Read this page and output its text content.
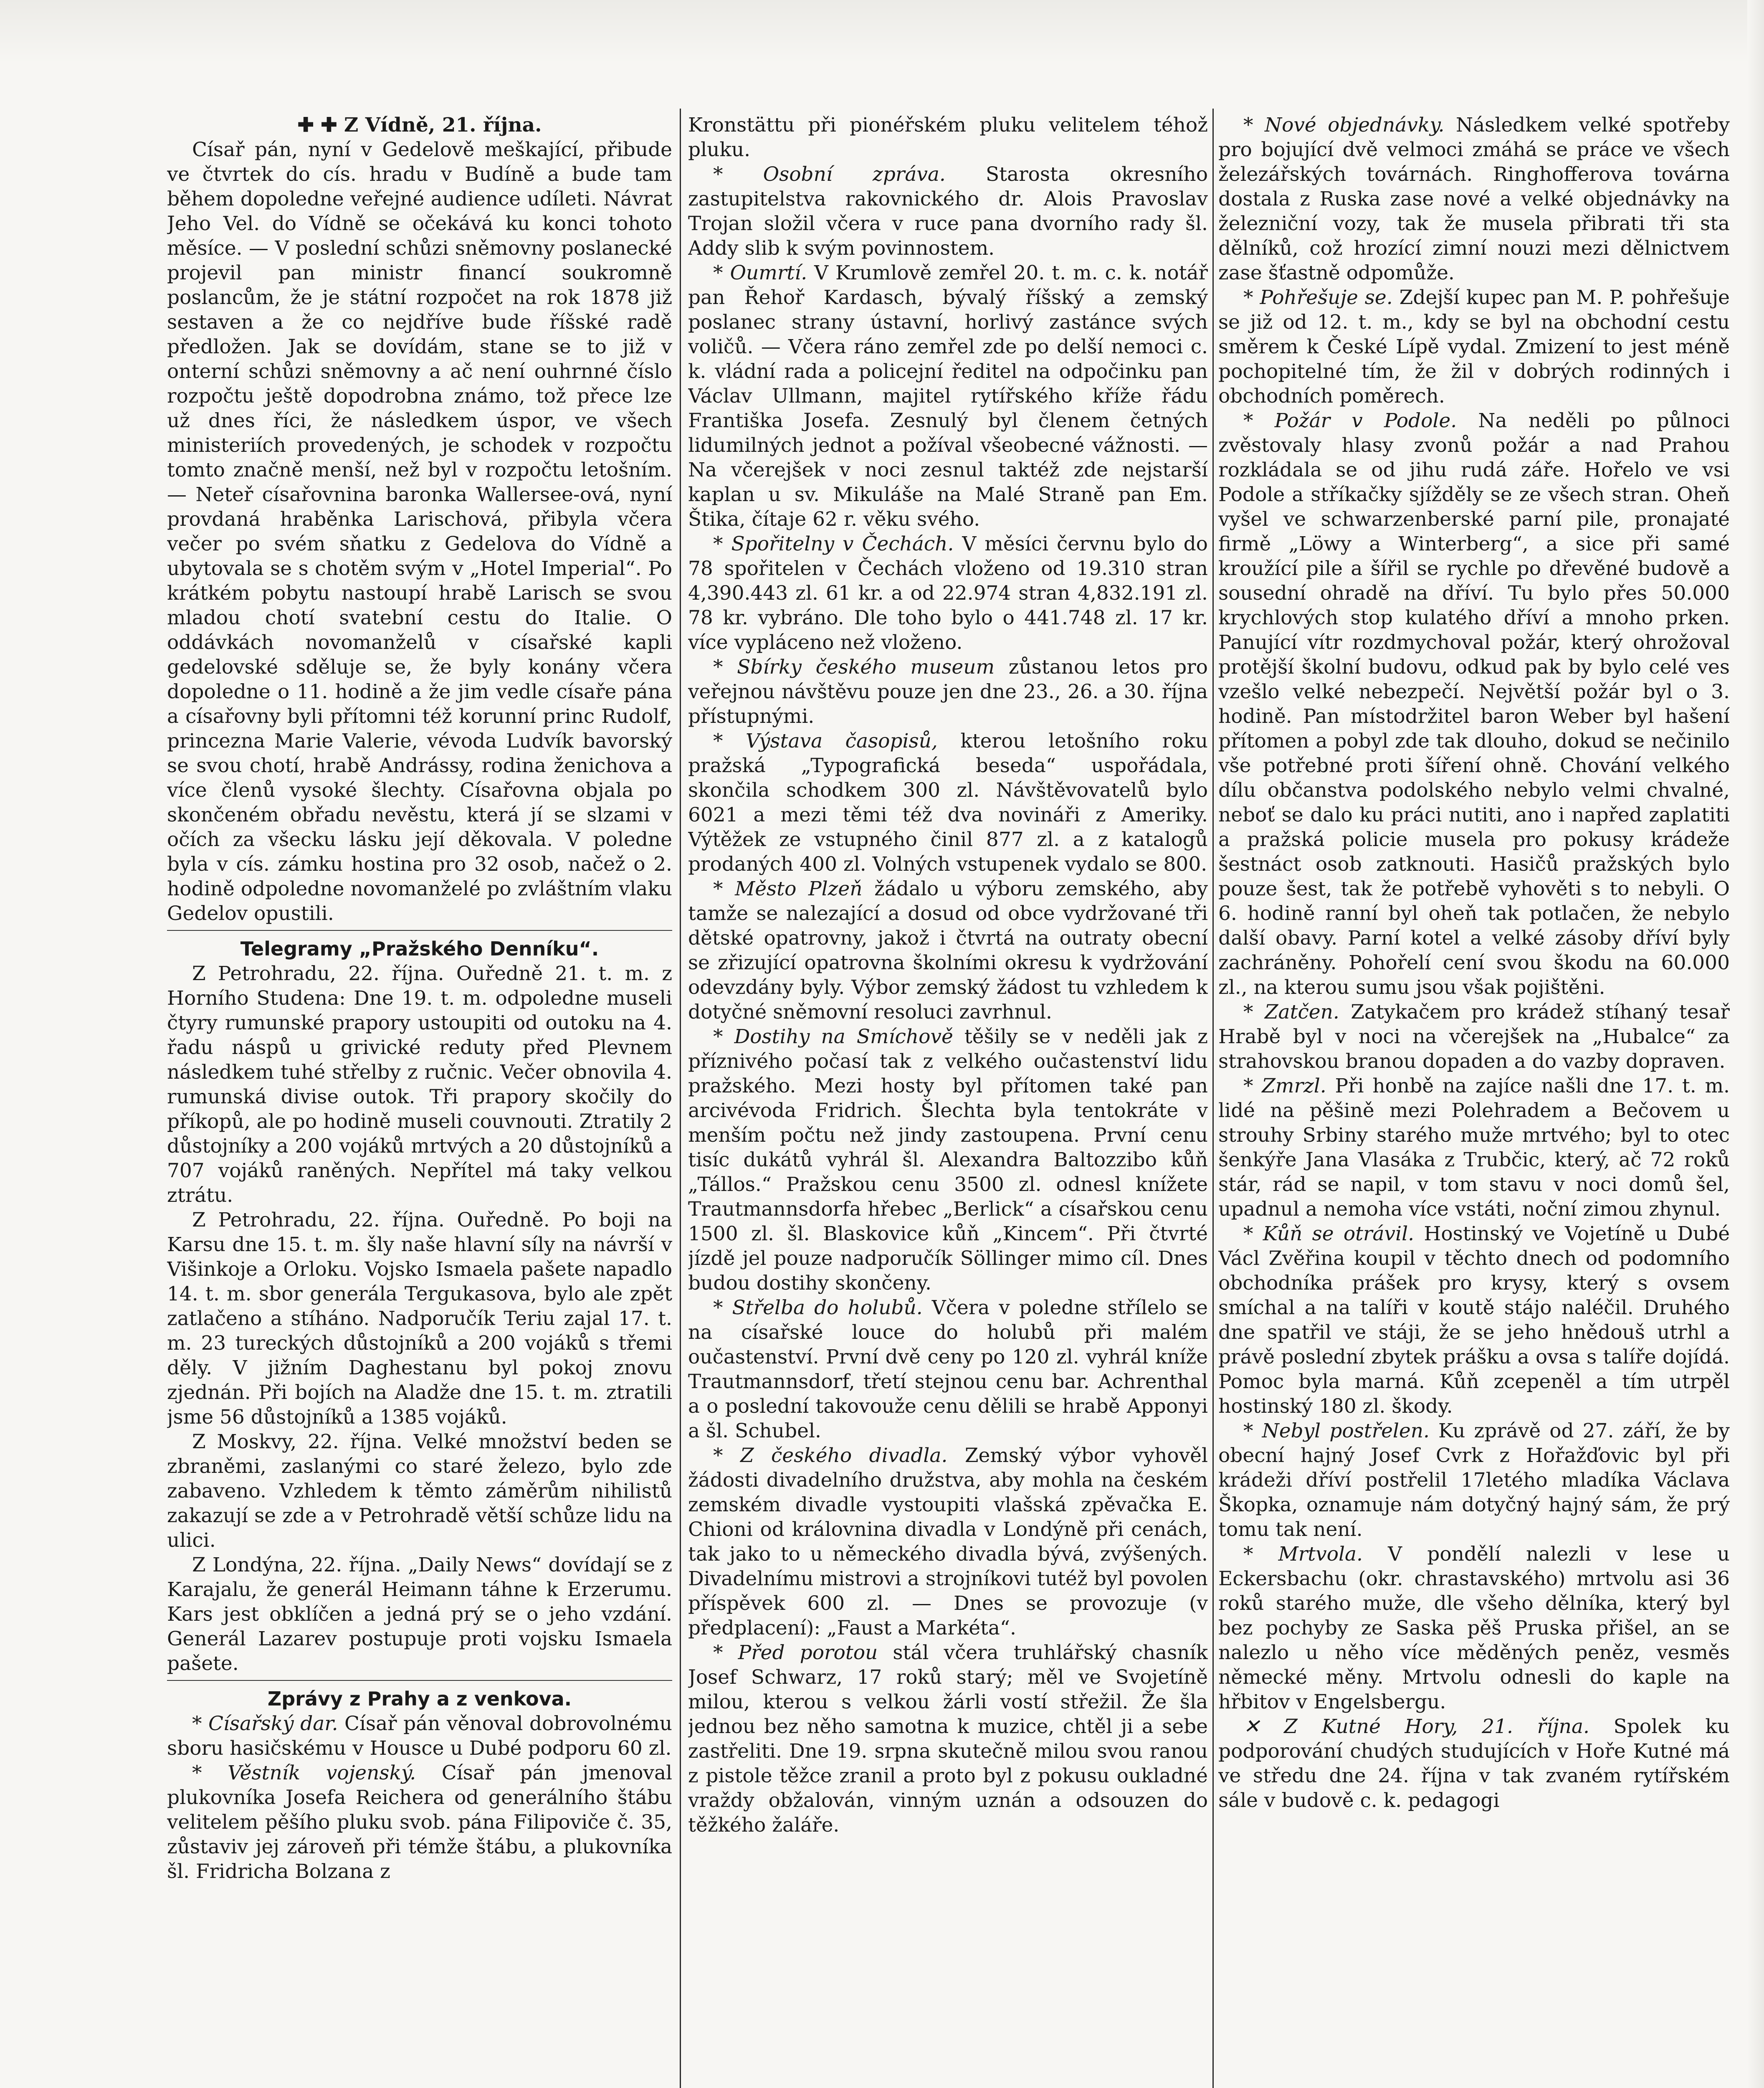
✚ ✚ Z Vídně, 21. října.

Císař pán, nyní v Gedelově meškající, přibude ve čtvrtek do cís. hradu v Budíně a bude tam během dopoledne veřejné audience udíleti. Návrat Jeho Vel. do Vídně se očekává ku konci tohoto měsíce. — V poslední schůzi sněmovny poslanecké projevil pan ministr financí soukromně poslancům, že je státní rozpočet na rok 1878 již sestaven a že co nejdříve bude říšské radě předložen. Jak se dovídám, stane se to již v onterní schůzi sněmovny a ač není ouhrnné číslo rozpočtu ještě dopodrobna známo, tož přece lze už dnes říci, že následkem úspor, ve všech ministeriích provedených, je schodek v rozpočtu tomto značně menší, než byl v rozpočtu letošním. — Neteř císařovnina baronka Wallersee-ová, nyní provdaná hraběnka Larischová, přibyla včera večer po svém sňatku z Gedelova do Vídně a ubytovala se s chotěm svým v „Hotel Imperial“. Po krátkém pobytu nastoupí hrabě Larisch se svou mladou chotí svatební cestu do Italie. O oddávkách novomanželů v císařské kapli gedelovské sděluje se, že byly konány včera dopoledne o 11. hodině a že jim vedle císaře pána a císařovny byli přítomni též korunní princ Rudolf, princezna Marie Valerie, vévoda Ludvík bavorský se svou chotí, hrabě Andrássy, rodina ženichova a více členů vysoké šlechty. Císařovna objala po skončeném obřadu nevěstu, která jí se slzami v očích za všecku lásku její děkovala. V poledne byla v cís. zámku hostina pro 32 osob, načež o 2. hodině odpoledne novomanželé po zvláštním vlaku Gedelov opustili.

Telegramy „Pražského Denníku“.

Z Petrohradu, 22. října. Ouředně 21. t. m. z Horního Studena: Dne 19. t. m. odpoledne museli čtyry rumunské prapory ustoupiti od outoku na 4. řadu náspů u grivické reduty před Plevnem následkem tuhé střelby z ručnic. Večer obnovila 4. rumunská divise outok. Tři prapory skočily do příkopů, ale po hodině museli couvnouti. Ztratily 2 důstojníky a 200 vojáků mrtvých a 20 důstojníků a 707 vojáků raněných. Nepřítel má taky velkou ztrátu.

Z Petrohradu, 22. října. Ouředně. Po boji na Karsu dne 15. t. m. šly naše hlavní síly na návrší v Višinkoje a Orloku. Vojsko Ismaela pašete napadlo 14. t. m. sbor generála Tergukasova, bylo ale zpět zatlačeno a stíháno. Nadporučík Teriu zajal 17. t. m. 23 tureckých důstojníků a 200 vojáků s třemi děly. V jižním Daghestanu byl pokoj znovu zjednán. Při bojích na Aladže dne 15. t. m. ztratili jsme 56 důstojníků a 1385 vojáků.

Z Moskvy, 22. října. Velké množství beden se zbraněmi, zaslanými co staré železo, bylo zde zabaveno. Vzhledem k těmto záměrům nihilistů zakazují se zde a v Petrohradě větší schůze lidu na ulici.

Z Londýna, 22. října. „Daily News“ dovídají se z Karajalu, že generál Heimann táhne k Erzerumu. Kars jest obklíčen a jedná prý se o jeho vzdání. Generál Lazarev postupuje proti vojsku Ismaela pašete.

Zprávy z Prahy a z venkova.

* Císařský dar. Císař pán věnoval dobrovolnému sboru hasičskému v Housce u Dubé podporu 60 zl.

* Věstník vojenský. Císař pán jmenoval plukovníka Josefa Reichera od generálního štábu velitelem pěšího pluku svob. pána Filipoviče č. 35, zůstaviv jej zároveň při témže štábu, a plukovníka šl. Fridricha Bolzana z

Kronstättu při pionéřském pluku velitelem téhož pluku.

* Osobní zpráva. Starosta okresního zastupitelstva rakovnického dr. Alois Pravoslav Trojan složil včera v ruce pana dvorního rady šl. Addy slib k svým povinnostem.

* Oumrtí. V Krumlově zemřel 20. t. m. c. k. notář pan Řehoř Kardasch, bývalý říšský a zemský poslanec strany ústavní, horlivý zastánce svých voličů. — Včera ráno zemřel zde po delší nemoci c. k. vládní rada a policejní ředitel na odpočinku pan Václav Ullmann, majitel rytířského kříže řádu Františka Josefa. Zesnulý byl členem četných lidumilných jednot a požíval všeobecné vážnosti. — Na včerejšek v noci zesnul taktéž zde nejstarší kaplan u sv. Mikuláše na Malé Straně pan Em. Štika, čítaje 62 r. věku svého.

* Spořitelny v Čechách. V měsíci červnu bylo do 78 spořitelen v Čechách vloženo od 19.310 stran 4,390.443 zl. 61 kr. a od 22.974 stran 4,832.191 zl. 78 kr. vybráno. Dle toho bylo o 441.748 zl. 17 kr. více vypláceno než vloženo.

* Sbírky českého museum zůstanou letos pro veřejnou návštěvu pouze jen dne 23., 26. a 30. října přístupnými.

* Výstava časopisů, kterou letošního roku pražská „Typografická beseda“ uspořádala, skončila schodkem 300 zl. Návštěvovatelů bylo 6021 a mezi těmi též dva novináři z Ameriky. Výtěžek ze vstupného činil 877 zl. a z katalogů prodaných 400 zl. Volných vstupenek vydalo se 800.

* Město Plzeň žádalo u výboru zemského, aby tamže se nalezající a dosud od obce vydržované tři dětské opatrovny, jakož i čtvrtá na outraty obecní se zřizující opatrovna školními okresu k vydržování odevzdány byly. Výbor zemský žádost tu vzhledem k dotyčné sněmovní resoluci zavrhnul.

* Dostihy na Smíchově těšily se v neděli jak z příznivého počasí tak z velkého oučastenství lidu pražského. Mezi hosty byl přítomen také pan arcivévoda Fridrich. Šlechta byla tentokráte v menším počtu než jindy zastoupena. První cenu tisíc dukátů vyhrál šl. Alexandra Baltozzibo kůň „Tállos.“ Pražskou cenu 3500 zl. odnesl knížete Trautmannsdorfa hřebec „Berlick“ a císařskou cenu 1500 zl. šl. Blaskovice kůň „Kincem“. Při čtvrté jízdě jel pouze nadporučík Söllinger mimo cíl. Dnes budou dostihy skončeny.

* Střelba do holubů. Včera v poledne střílelo se na císařské louce do holubů při malém oučastenství. První dvě ceny po 120 zl. vyhrál kníže Trautmannsdorf, třetí stejnou cenu bar. Achrenthal a o poslední takovouže cenu dělili se hrabě Apponyi a šl. Schubel.

* Z českého divadla. Zemský výbor vyhověl žádosti divadelního družstva, aby mohla na českém zemském divadle vystoupiti vlašská zpěvačka E. Chioni od královnina divadla v Londýně při cenách, tak jako to u německého divadla bývá, zvýšených. Divadelnímu mistrovi a strojníkovi tutéž byl povolen příspěvek 600 zl. — Dnes se provozuje (v předplacení): „Faust a Markéta“.

* Před porotou stál včera truhlářský chasník Josef Schwarz, 17 roků starý; měl ve Svojetíně milou, kterou s velkou žárli vostí střežil. Že šla jednou bez něho samotna k muzice, chtěl ji a sebe zastřeliti. Dne 19. srpna skutečně milou svou ranou z pistole těžce zranil a proto byl z pokusu oukladné vraždy obžalován, vinným uznán a odsouzen do těžkého žaláře.

* Nové objednávky. Následkem velké spotřeby pro bojující dvě velmoci zmáhá se práce ve všech železářských továrnách. Ringhofferova továrna dostala z Ruska zase nové a velké objednávky na železniční vozy, tak že musela přibrati tři sta dělníků, což hrozící zimní nouzi mezi dělnictvem zase šťastně odpomůže.

* Pohřešuje se. Zdejší kupec pan M. P. pohřešuje se již od 12. t. m., kdy se byl na obchodní cestu směrem k České Lípě vydal. Zmizení to jest méně pochopitelné tím, že žil v dobrých rodinných i obchodních poměrech.

* Požár v Podole. Na neděli po půlnoci zvěstovaly hlasy zvonů požár a nad Prahou rozkládala se od jihu rudá záře. Hořelo ve vsi Podole a stříkačky sjížděly se ze všech stran. Oheň vyšel ve schwarzenberské parní pile, pronajaté firmě „Löwy a Winterberg“, a sice při samé kroužící pile a šířil se rychle po dřevěné budově a sousední ohradě na dříví. Tu bylo přes 50.000 krychlových stop kulatého dříví a mnoho prken. Panující vítr rozdmychoval požár, který ohrožoval protější školní budovu, odkud pak by bylo celé ves vzešlo velké nebezpečí. Největší požár byl o 3. hodině. Pan místodržitel baron Weber byl hašení přítomen a pobyl zde tak dlouho, dokud se nečinilo vše potřebné proti šíření ohně. Chování velkého dílu občanstva podolského nebylo velmi chvalné, neboť se dalo ku práci nutiti, ano i napřed zaplatiti a pražská policie musela pro pokusy krádeže šestnáct osob zatknouti. Hasičů pražských bylo pouze šest, tak že potřebě vyhověti s to nebyli. O 6. hodině ranní byl oheň tak potlačen, že nebylo další obavy. Parní kotel a velké zásoby dříví byly zachráněny. Pohořelí cení svou škodu na 60.000 zl., na kterou sumu jsou však pojištěni.

* Zatčen. Zatykačem pro krádež stíhaný tesař Hrabě byl v noci na včerejšek na „Hubalce“ za strahovskou branou dopaden a do vazby dopraven.

* Zmrzl. Při honbě na zajíce našli dne 17. t. m. lidé na pěšině mezi Polehradem a Bečovem u strouhy Srbiny starého muže mrtvého; byl to otec šenkýře Jana Vlasáka z Trubčic, který, ač 72 roků stár, rád se napil, v tom stavu v noci domů šel, upadnul a nemoha více vstáti, noční zimou zhynul.

* Kůň se otrávil. Hostinský ve Vojetíně u Dubé Václ Zvěřina koupil v těchto dnech od podomního obchodníka prášek pro krysy, který s ovsem smíchal a na talíři v koutě stájo naléčil. Druhého dne spatřil ve stáji, že se jeho hnědouš utrhl a právě poslední zbytek prášku a ovsa s talíře dojídá. Pomoc byla marná. Kůň zcepeněl a tím utrpěl hostinský 180 zl. škody.

* Nebyl postřelen. Ku zprávě od 27. září, že by obecní hajný Josef Cvrk z Hořažďovic byl při krádeži dříví postřelil 17letého mladíka Václava Škopka, oznamuje nám dotyčný hajný sám, že prý tomu tak není.

* Mrtvola. V pondělí nalezli v lese u Eckersbachu (okr. chrastavského) mrtvolu asi 36 roků starého muže, dle všeho dělníka, který byl bez pochyby ze Saska pěš Pruska přišel, an se nalezlo u něho více měděných peněz, vesměs německé měny. Mrtvolu odnesli do kaple na hřbitov v Engelsbergu.

✕ Z Kutné Hory, 21. října. Spolek ku podporování chudých studujících v Hoře Kutné má ve středu dne 24. října v tak zvaném rytířském sále v budově c. k. pedagogi
